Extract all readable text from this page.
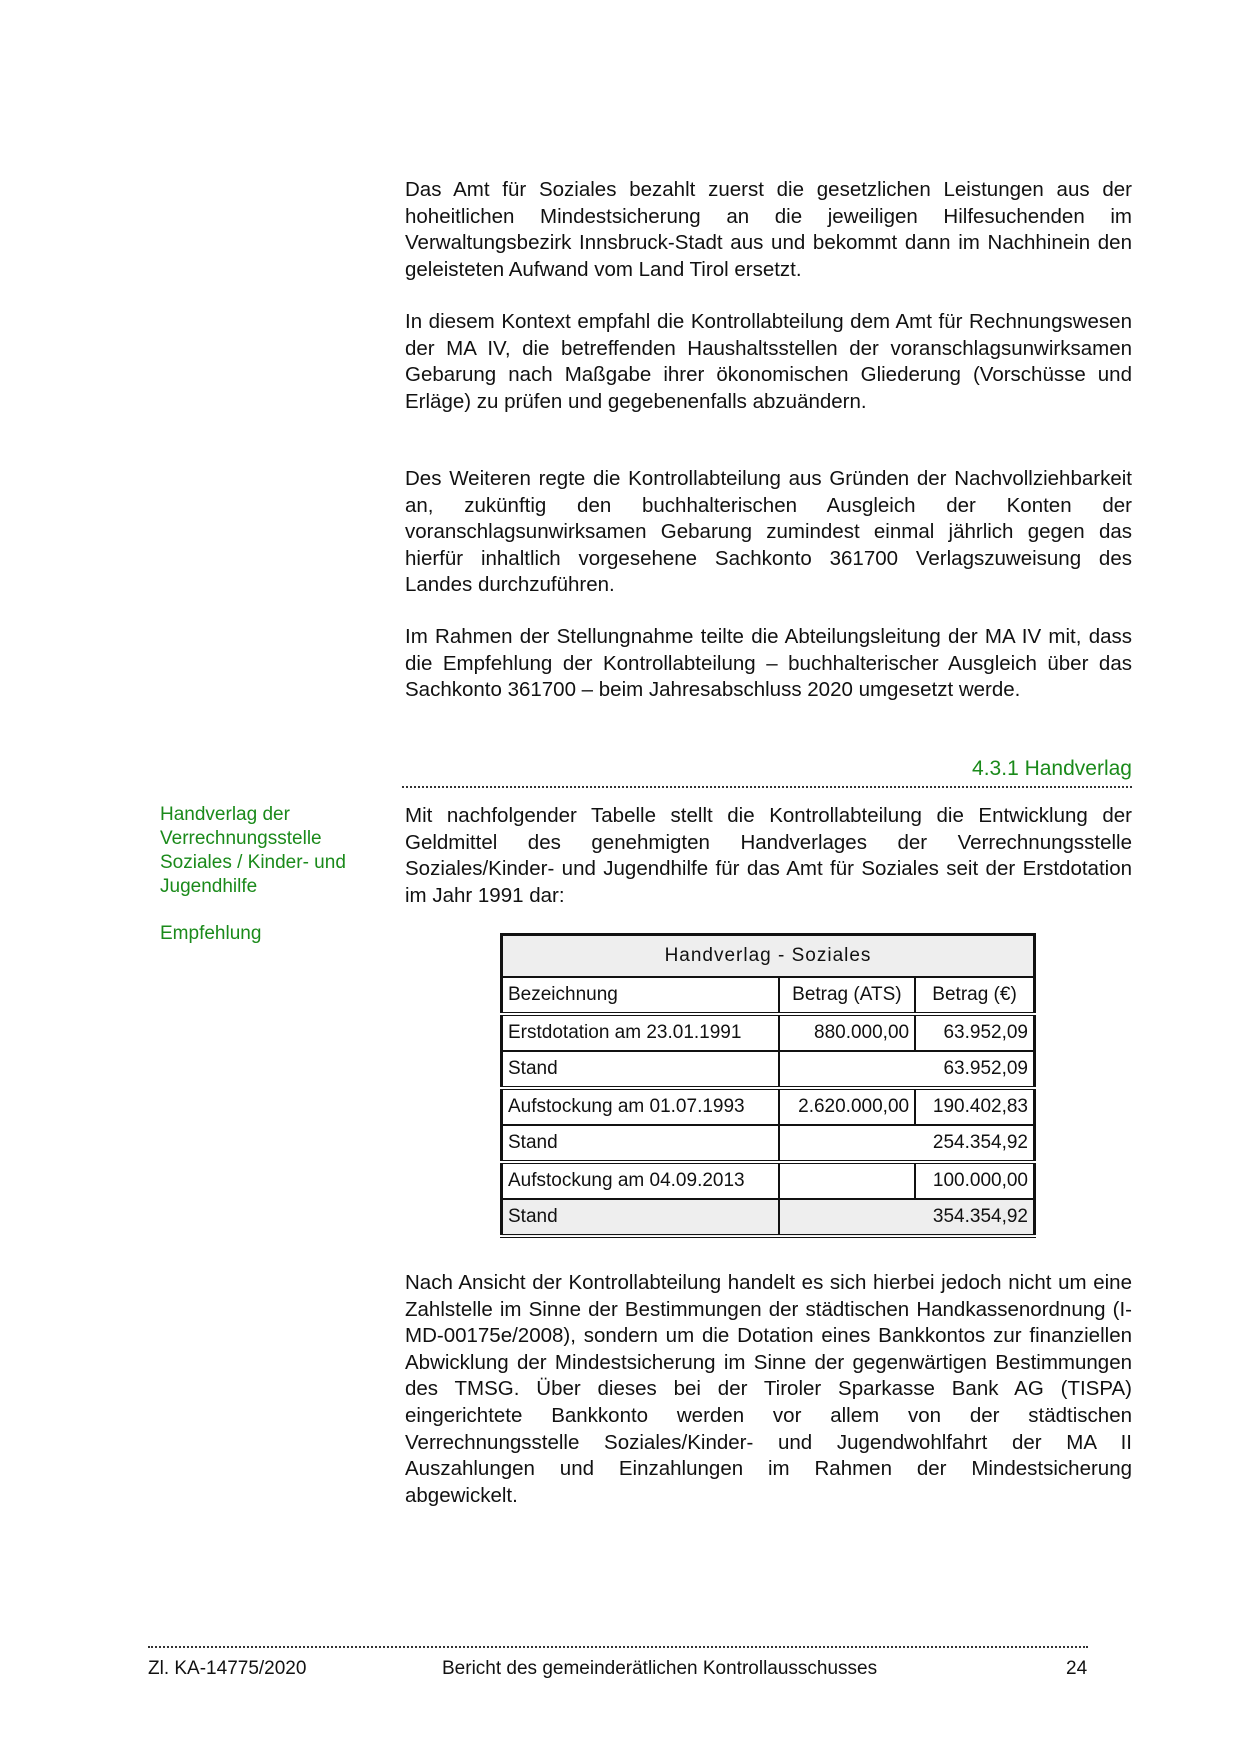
Das Amt für Soziales bezahlt zuerst die gesetzlichen Leistungen aus der hoheitlichen Mindestsicherung an die jeweiligen Hilfesuchenden im Verwaltungsbezirk Innsbruck-Stadt aus und bekommt dann im Nachhinein den geleisteten Aufwand vom Land Tirol ersetzt.

In diesem Kontext empfahl die Kontrollabteilung dem Amt für Rechnungswesen der MA IV, die betreffenden Haushaltsstellen der voranschlagsunwirksamen Gebarung nach Maßgabe ihrer ökonomischen Gliederung (Vorschüsse und Erläge) zu prüfen und gegebenenfalls abzuändern.

Des Weiteren regte die Kontrollabteilung aus Gründen der Nachvollziehbarkeit an, zukünftig den buchhalterischen Ausgleich der Konten der voranschlagsunwirksamen Gebarung zumindest einmal jährlich gegen das hierfür inhaltlich vorgesehene Sachkonto 361700 Verlagszuweisung des Landes durchzuführen.

Im Rahmen der Stellungnahme teilte die Abteilungsleitung der MA IV mit, dass die Empfehlung der Kontrollabteilung – buchhalterischer Ausgleich über das Sachkonto 361700 – beim Jahresabschluss 2020 umgesetzt werde.

4.3.1 Handverlag
Handverlag der Verrechnungsstelle Soziales / Kinder- und Jugendhilfe
Empfehlung

Mit nachfolgender Tabelle stellt die Kontrollabteilung die Entwicklung der Geldmittel des genehmigten Handverlages der Verrechnungsstelle Soziales/Kinder- und Jugendhilfe für das Amt für Soziales seit der Erstdotation im Jahr 1991 dar:

Handverlag - Soziales		
Bezeichnung	Betrag (ATS)	Betrag (€)
Erstdotation am 23.01.1991	880.000,00	63.952,09
Stand	63.952,09	
Aufstockung am 01.07.1993	2.620.000,00	190.402,83
Stand	254.354,92	
Aufstockung am 04.09.2013		100.000,00
Stand	354.354,92	

Nach Ansicht der Kontrollabteilung handelt es sich hierbei jedoch nicht um eine Zahlstelle im Sinne der Bestimmungen der städtischen Handkassenordnung (I-MD-00175e/2008), sondern um die Dotation eines Bankkontos zur finanziellen Abwicklung der Mindestsicherung im Sinne der gegenwärtigen Bestimmungen des TMSG. Über dieses bei der Tiroler Sparkasse Bank AG (TISPA) eingerichtete Bankkonto werden vor allem von der städtischen Verrechnungsstelle Soziales/Kinder- und Jugendwohlfahrt der MA II Auszahlungen und Einzahlungen im Rahmen der Mindestsicherung abgewickelt.

Zl. KA-14775/2020	Bericht des gemeinderätlichen Kontrollausschusses	24
